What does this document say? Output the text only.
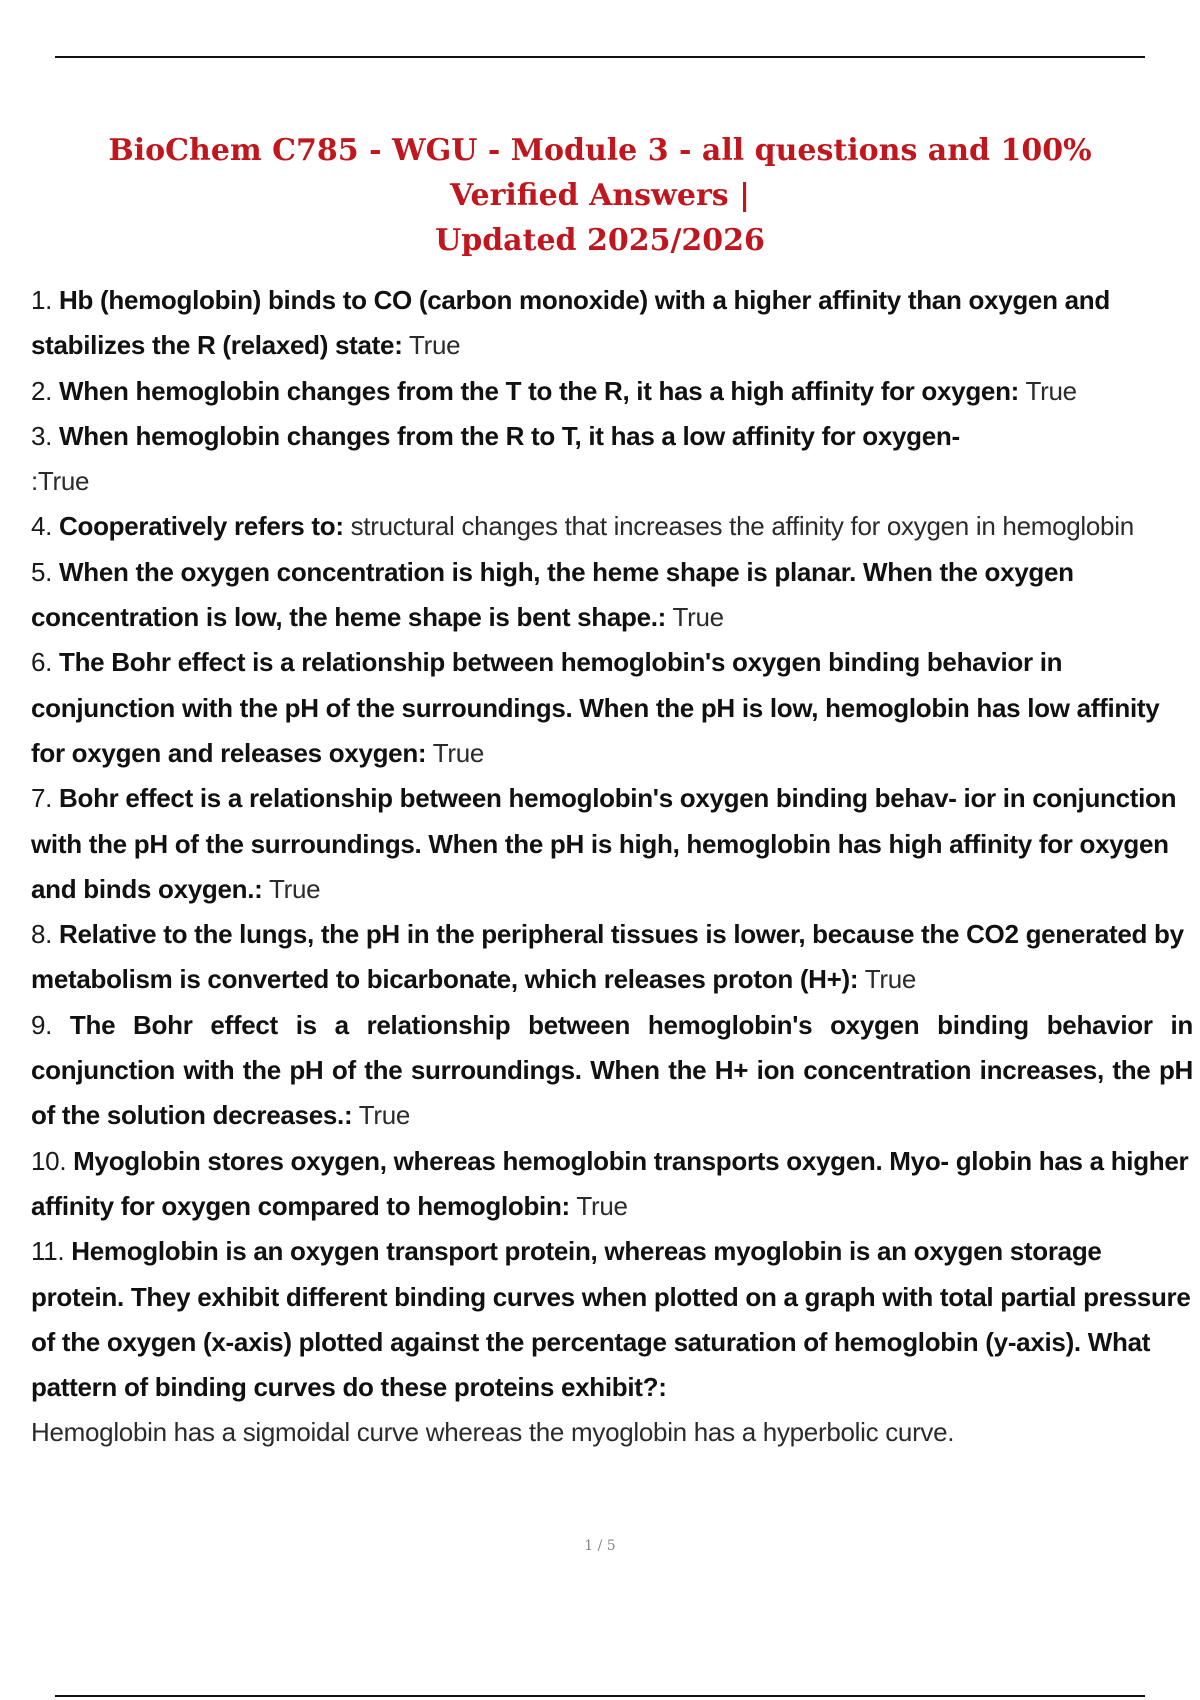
BioChem C785 - WGU - Module 3 - all questions and 100% Verified Answers |
Updated 2025/2026

1. Hb (hemoglobin) binds to CO (carbon monoxide) with a higher affinity than oxygen and stabilizes the R (relaxed) state: True

2. When hemoglobin changes from the T to the R, it has a high affinity for oxygen: True

3. When hemoglobin changes from the R to T, it has a low affinity for oxygen-
:True

4. Cooperatively refers to: structural changes that increases the affinity for oxygen in hemoglobin

5. When the oxygen concentration is high, the heme shape is planar. When the oxygen concentration is low, the heme shape is bent shape.: True

6. The Bohr effect is a relationship between hemoglobin's oxygen binding behavior in conjunction with the pH of the surroundings. When the pH is low, hemoglobin has low affinity for oxygen and releases oxygen: True

7. Bohr effect is a relationship between hemoglobin's oxygen binding behav- ior in conjunction with the pH of the surroundings. When the pH is high, hemoglobin has high affinity for oxygen and binds oxygen.: True

8. Relative to the lungs, the pH in the peripheral tissues is lower, because the CO2 generated by metabolism is converted to bicarbonate, which releases proton (H+): True

9. The Bohr effect is a relationship between hemoglobin's oxygen binding behavior in conjunction with the pH of the surroundings. When the H+ ion concentration increases, the pH of the solution decreases.: True

10. Myoglobin stores oxygen, whereas hemoglobin transports oxygen. Myo- globin has a higher affinity for oxygen compared to hemoglobin: True

11. Hemoglobin is an oxygen transport protein, whereas myoglobin is an oxygen storage protein. They exhibit different binding curves when plotted on a graph with total partial pressure of the oxygen (x-axis) plotted against the percentage saturation of hemoglobin (y-axis). What pattern of binding curves do these proteins exhibit?:
Hemoglobin has a sigmoidal curve whereas the myoglobin has a hyperbolic curve.

1 / 5
